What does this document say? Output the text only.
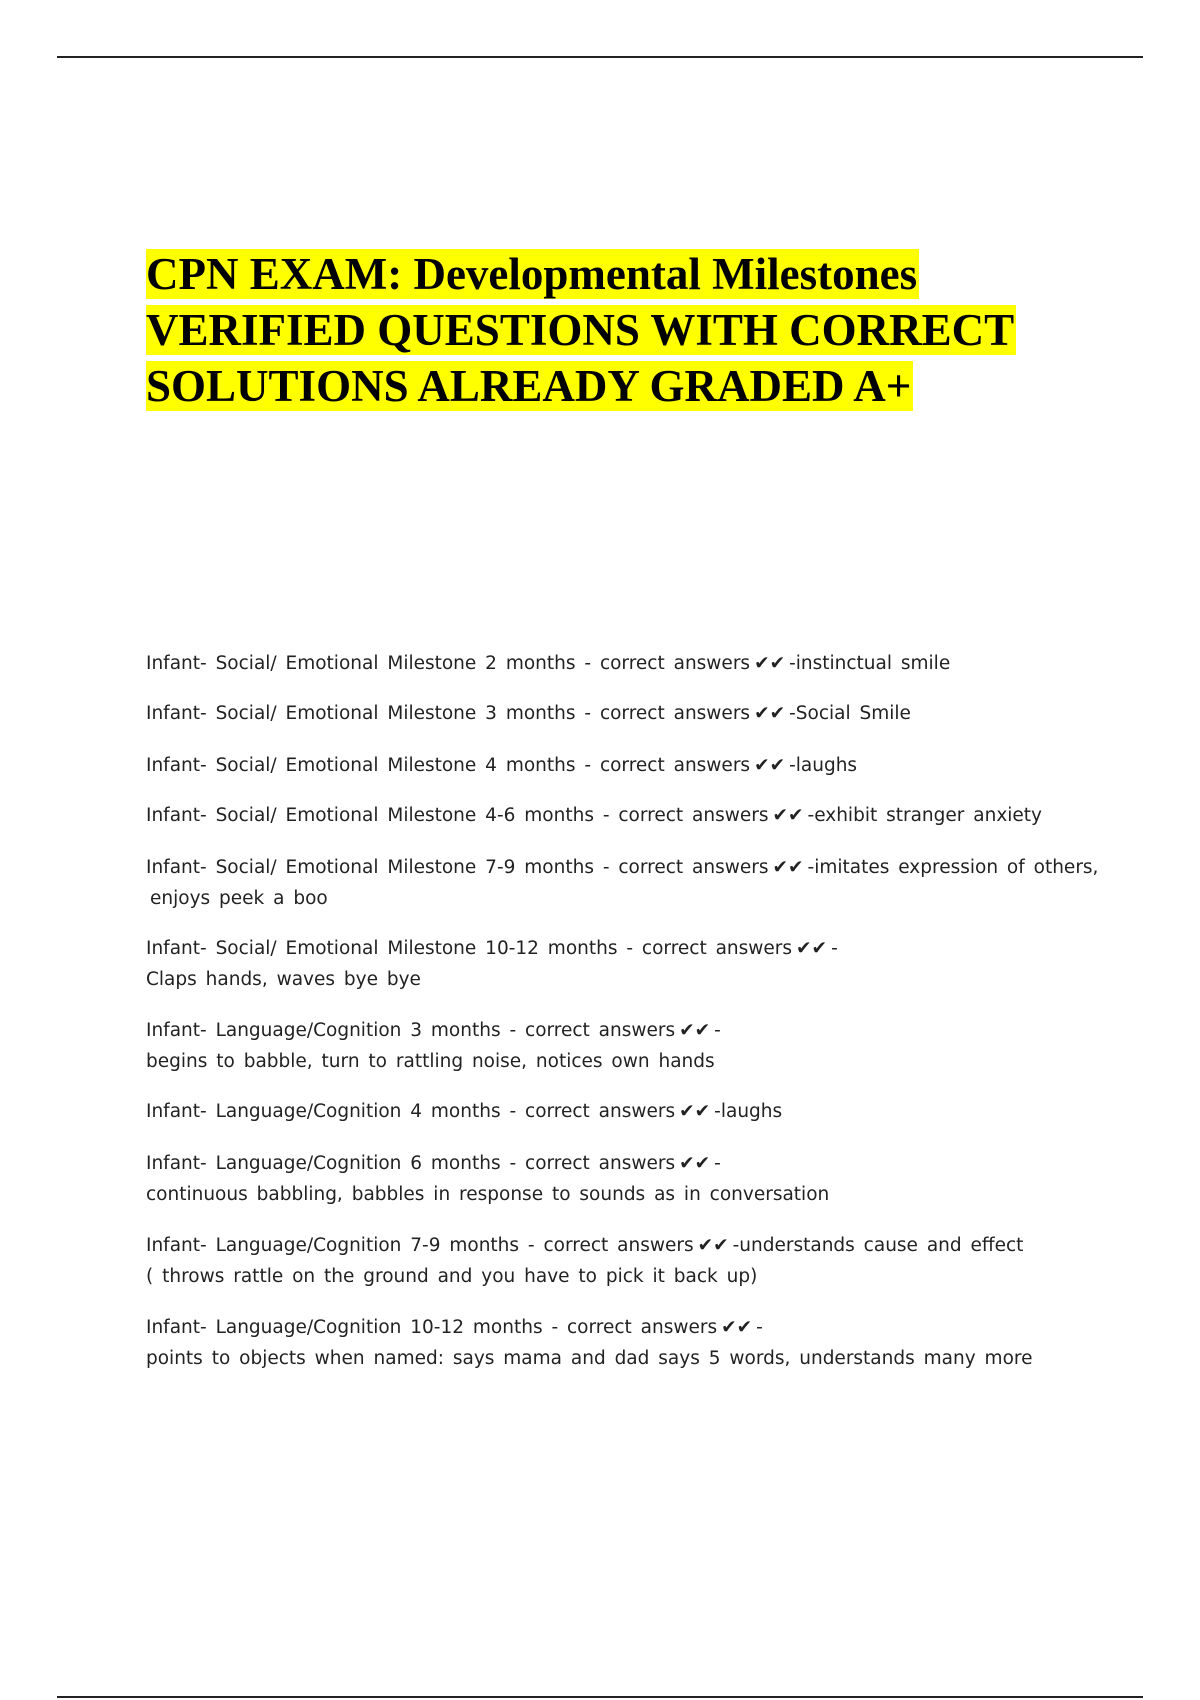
CPN EXAM: Developmental Milestones
VERIFIED QUESTIONS WITH CORRECT
SOLUTIONS ALREADY GRADED A+
Infant- Social/ Emotional Milestone 2 months - correct answers ✔✔ -instinctual smile
Infant- Social/ Emotional Milestone 3 months - correct answers ✔✔ -Social Smile
Infant- Social/ Emotional Milestone 4 months - correct answers ✔✔ -laughs
Infant- Social/ Emotional Milestone 4-6 months - correct answers ✔✔ -exhibit stranger anxiety
Infant- Social/ Emotional Milestone 7-9 months - correct answers ✔✔ -imitates expression of others,
enjoys peek a boo
Infant- Social/ Emotional Milestone 10-12 months - correct answers ✔✔ -
Claps hands, waves bye bye
Infant- Language/Cognition 3 months - correct answers ✔✔ -
begins to babble, turn to rattling noise, notices own hands
Infant- Language/Cognition 4 months - correct answers ✔✔ -laughs
Infant- Language/Cognition 6 months - correct answers ✔✔ -
continuous babbling, babbles in response to sounds as in conversation
Infant- Language/Cognition 7-9 months - correct answers ✔✔ -understands cause and effect
( throws rattle on the ground and you have to pick it back up)
Infant- Language/Cognition 10-12 months - correct answers ✔✔ -
points to objects when named: says mama and dad says 5 words, understands many more
